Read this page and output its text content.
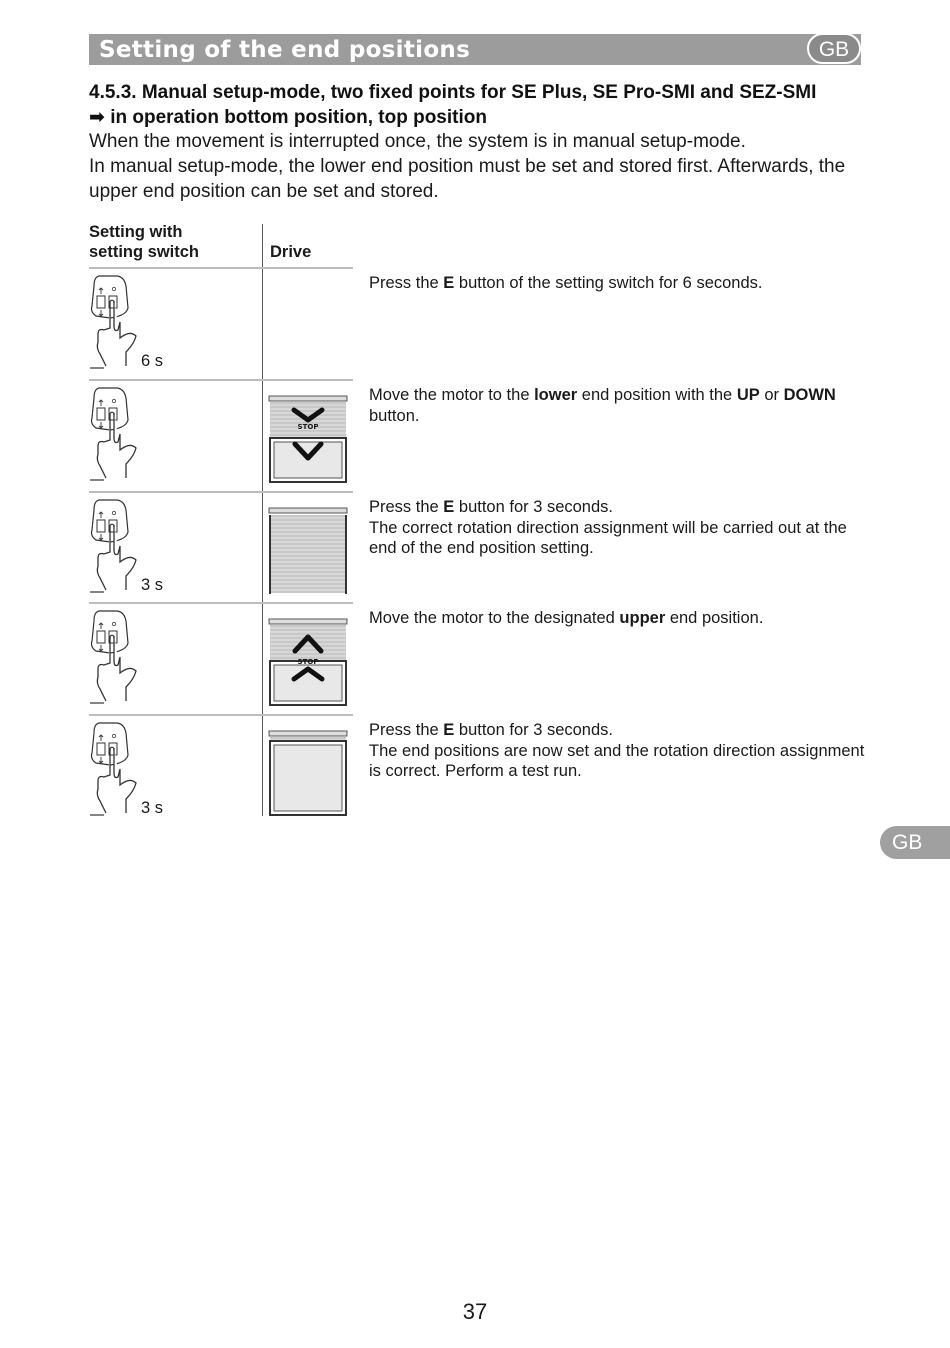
Setting of the end positions	GB
4.5.3. Manual setup-mode, two fixed points for SE Plus, SE Pro-SMI and SEZ-SMI
➡ in operation bottom position, top position

When the movement is interrupted once, the system is in manual setup-mode.

In manual setup-mode, the lower end position must be set and stored first. Afterwards, the upper end position can be set and stored.

Setting with
setting switch	Drive
6 s
Press the E button of the setting switch for 6 seconds.
STOP
Move the motor to the lower end position with the UP or DOWN button.
3 s
Press the E button for 3 seconds.
The correct rotation direction assignment will be carried out at the end of the end position setting.
STOP
Move the motor to the designated upper end position.
3 s
Press the E button for 3 seconds.
The end positions are now set and the rotation direction assignment is correct. Perform a test run.
GB
37
